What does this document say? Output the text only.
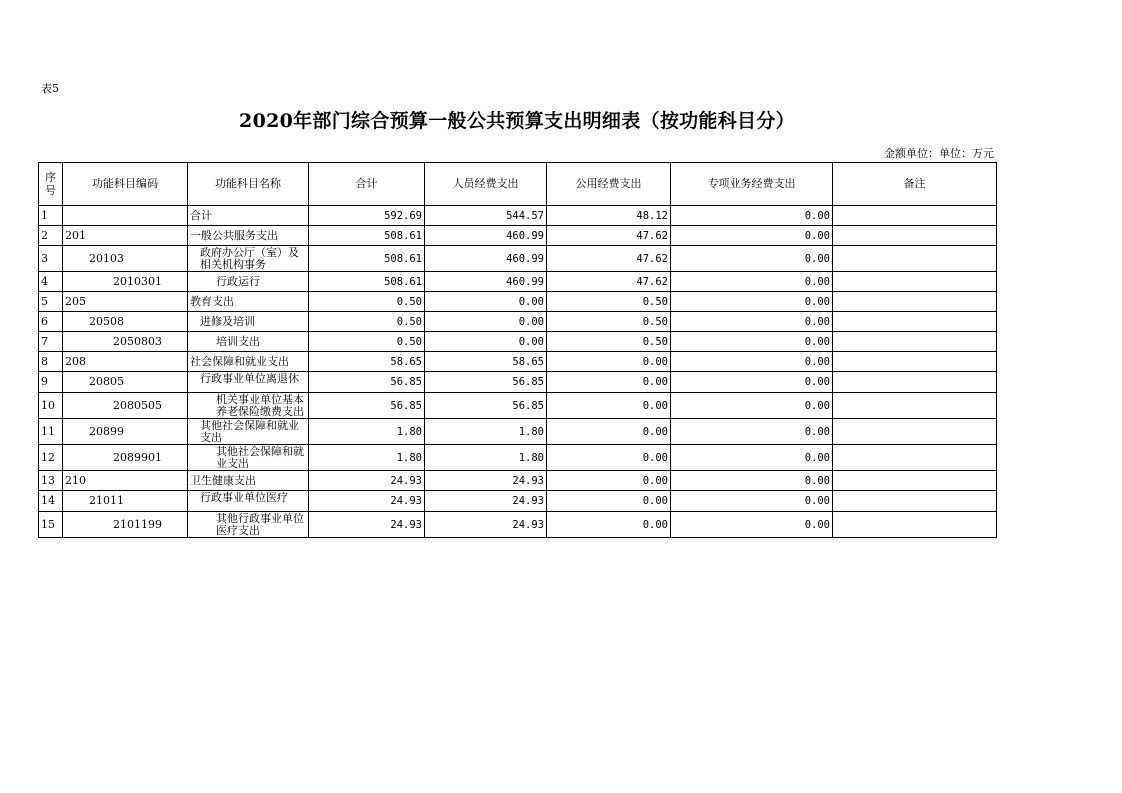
表5
2020年部门综合预算一般公共预算支出明细表（按功能科目分）
金额单位：单位：万元
序号	功能科目编码	功能科目名称	合计	人员经费支出	公用经费支出	专项业务经费支出	备注
1		合计	592.69	544.57	48.12	0.00	
2	201	一般公共服务支出	508.61	460.99	47.62	0.00	
3	20103	政府办公厅（室）及相关机构事务	508.61	460.99	47.62	0.00	
4	2010301	行政运行	508.61	460.99	47.62	0.00	
5	205	教育支出	0.50	0.00	0.50	0.00	
6	20508	进修及培训	0.50	0.00	0.50	0.00	
7	2050803	培训支出	0.50	0.00	0.50	0.00	
8	208	社会保障和就业支出	58.65	58.65	0.00	0.00	
9	20805	行政事业单位离退休	56.85	56.85	0.00	0.00	
10	2080505	机关事业单位基本养老保险缴费支出	56.85	56.85	0.00	0.00	
11	20899	其他社会保障和就业支出	1.80	1.80	0.00	0.00	
12	2089901	其他社会保障和就业支出	1.80	1.80	0.00	0.00	
13	210	卫生健康支出	24.93	24.93	0.00	0.00	
14	21011	行政事业单位医疗	24.93	24.93	0.00	0.00	
15	2101199	其他行政事业单位医疗支出	24.93	24.93	0.00	0.00	
